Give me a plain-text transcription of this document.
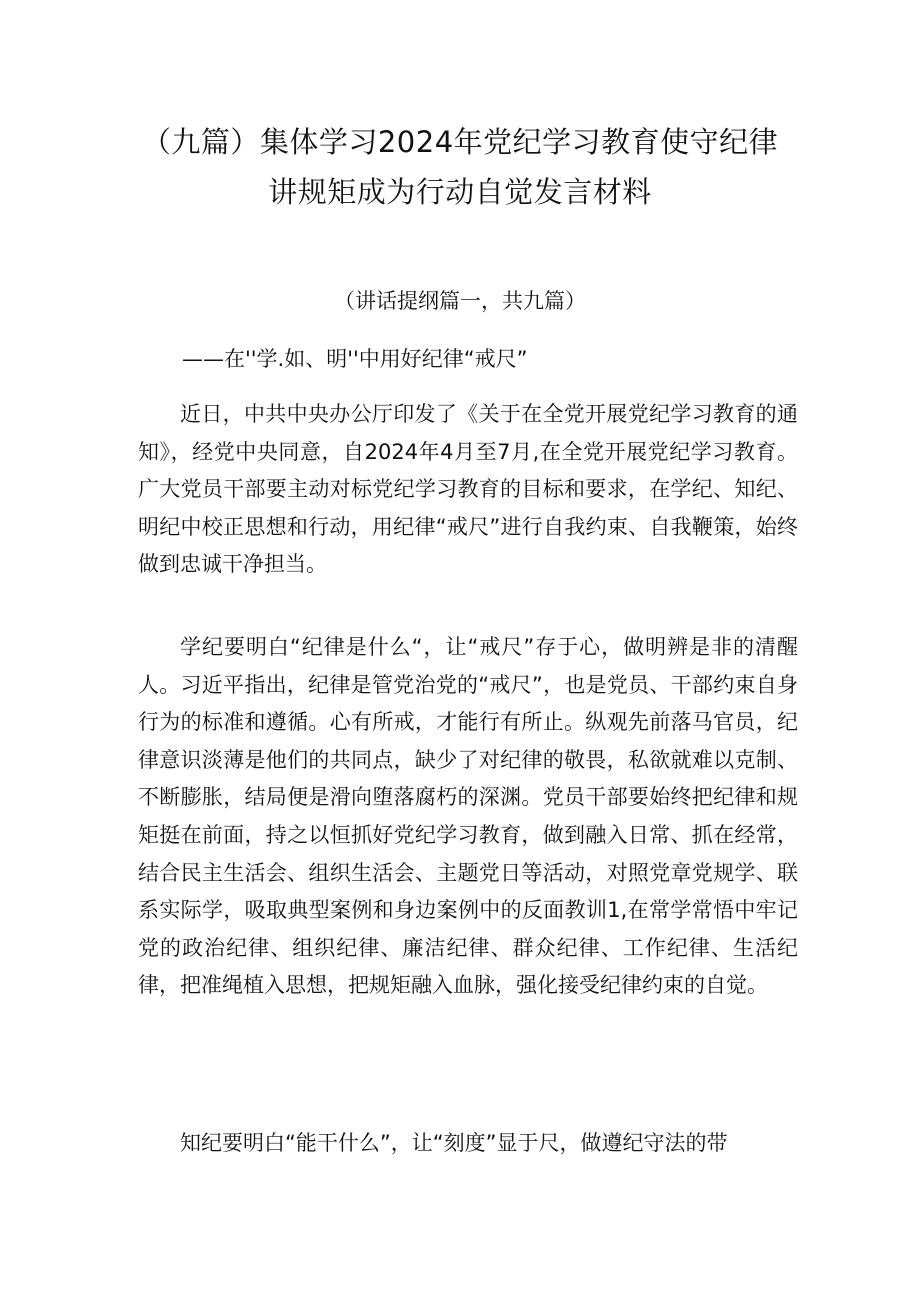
（九篇）集体学习2024年党纪学习教育使守纪律
讲规矩成为行动自觉发言材料

（讲话提纲篇一，共九篇）

——在''学.如、明''中用好纪律“戒尺”

近日，中共中央办公厅印发了《关于在全党开展党纪学习教育的通知》，经党中央同意，自2024年4月至7月,在全党开展党纪学习教育。广大党员干部要主动对标党纪学习教育的目标和要求，在学纪、知纪、明纪中校正思想和行动，用纪律“戒尺”进行自我约束、自我鞭策，始终做到忠诚干净担当。

学纪要明白“纪律是什么“，让“戒尺”存于心，做明辨是非的清醒人。习近平指出，纪律是管党治党的“戒尺”，也是党员、干部约束自身行为的标准和遵循。心有所戒，才能行有所止。纵观先前落马官员，纪律意识淡薄是他们的共同点，缺少了对纪律的敬畏，私欲就难以克制、不断膨胀，结局便是滑向堕落腐朽的深渊。党员干部要始终把纪律和规矩挺在前面，持之以恒抓好党纪学习教育，做到融入日常、抓在经常，结合民主生活会、组织生活会、主题党日等活动，对照党章党规学、联系实际学，吸取典型案例和身边案例中的反面教训1,在常学常悟中牢记党的政治纪律、组织纪律、廉洁纪律、群众纪律、工作纪律、生活纪律，把准绳植入思想，把规矩融入血脉，强化接受纪律约束的自觉。

知纪要明白“能干什么”，让“刻度”显于尺，做遵纪守法的带
